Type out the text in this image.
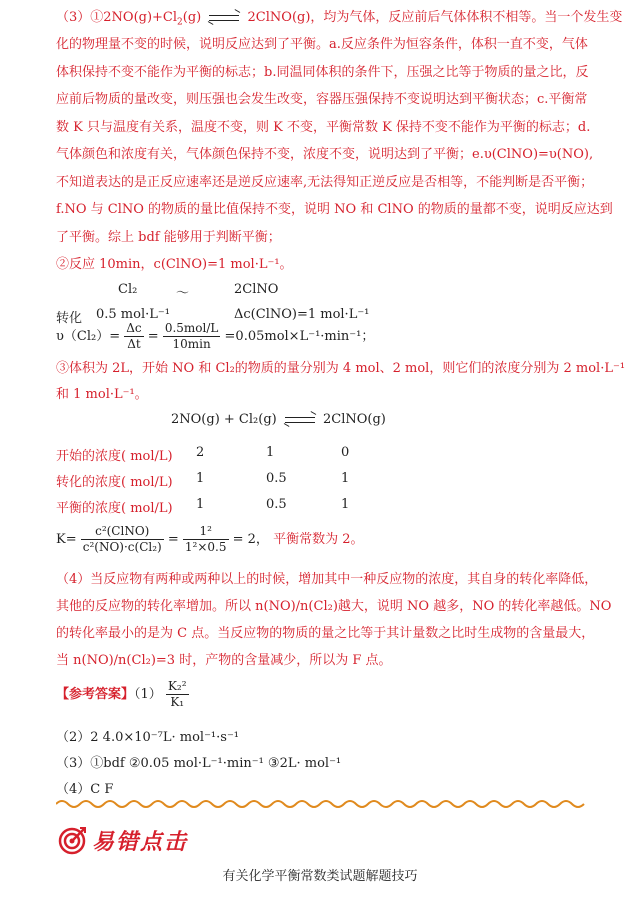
$(3)①2NO(g)+Cl_2(g)$	2ClNO(g)，均为气体，反应前后气体体积不相等。当一个发生变
化的物理量不变的时候，说明反应达到了平衡。a.反应条件为恒容条件，体积一直不变，气体
体积保持不变不能作为平衡的标志；b.同温同体积的条件下，压强之比等于物质的量之比，反
应前后物质的量改变，则压强也会发生改变，容器压强保持不变说明达到平衡状态；c.平衡常
数 K 只与温度有关系，温度不变，则 K 不变，平衡常数 K 保持不变不能作为平衡的标志；d.
气体颜色和浓度有关，气体颜色保持不变，浓度不变，说明达到了平衡；e.υ(ClNO)=υ(NO),
不知道表达的是正反应速率还是逆反应速率,无法得知正逆反应是否相等，不能判断是否平衡；
f.NO 与 ClNO 的物质的量比值保持不变，说明 NO 和 ClNO 的物质的量都不变，说明反应达到
了平衡。综上 bdf 能够用于判断平衡；
②反应 10min，c(ClNO)=1 mol·L⁻¹。
Cl₂	～	2ClNO
转化 0.5 mol·L⁻¹	Δc(ClNO)=1 mol·L⁻¹
$\upsilon(Cl_2)= \frac{\Delta c}{\Delta t} = \frac{\text{0.5mol/L}}{10\min} =0.05mol\times L^{-1}\cdot\min^{-1}$；
③体积为 2L，开始 NO 和 Cl₂的物质的量分别为 4 mol、2 mol，则它们的浓度分别为 2 mol·L⁻¹
和 1 mol·L⁻¹。
2NO(g) + Cl₂(g)	2ClNO(g)
开始的浓度( mol/L) 2	1	0
转化的浓度( mol/L) 1	0.5	1
平衡的浓度( mol/L) 1	0.5	1
$K= \frac{\text{c²(ClNO)}}{\text{c²(NO)·c(Cl₂)}} = \frac{\text{1²}}{\text{1²×0.5}} = 2$， 平衡常数为 2。
（4）当反应物有两种或两种以上的时候，增加其中一种反应物的浓度，其自身的转化率降低，
其他的反应物的转化率增加。所以 n(NO)/n(Cl₂)越大，说明 NO 越多，NO 的转化率越低。NO
的转化率最小的是为 C 点。当反应物的物质的量之比等于其计量数之比时生成物的含量最大，
当 n(NO)/n(Cl₂)=3 时，产物的含量减少，所以为 F 点。
【参考答案】$(1) \frac{\text{K₂²}}{\text{K₁}}$
（2）2 4.0×10⁻⁷L· mol⁻¹·s⁻¹
（3）①bdf ②0.05 mol·L⁻¹·min⁻¹ ③2L· mol⁻¹
（4）C F
易错点击
有关化学平衡常数类试题解题技巧
